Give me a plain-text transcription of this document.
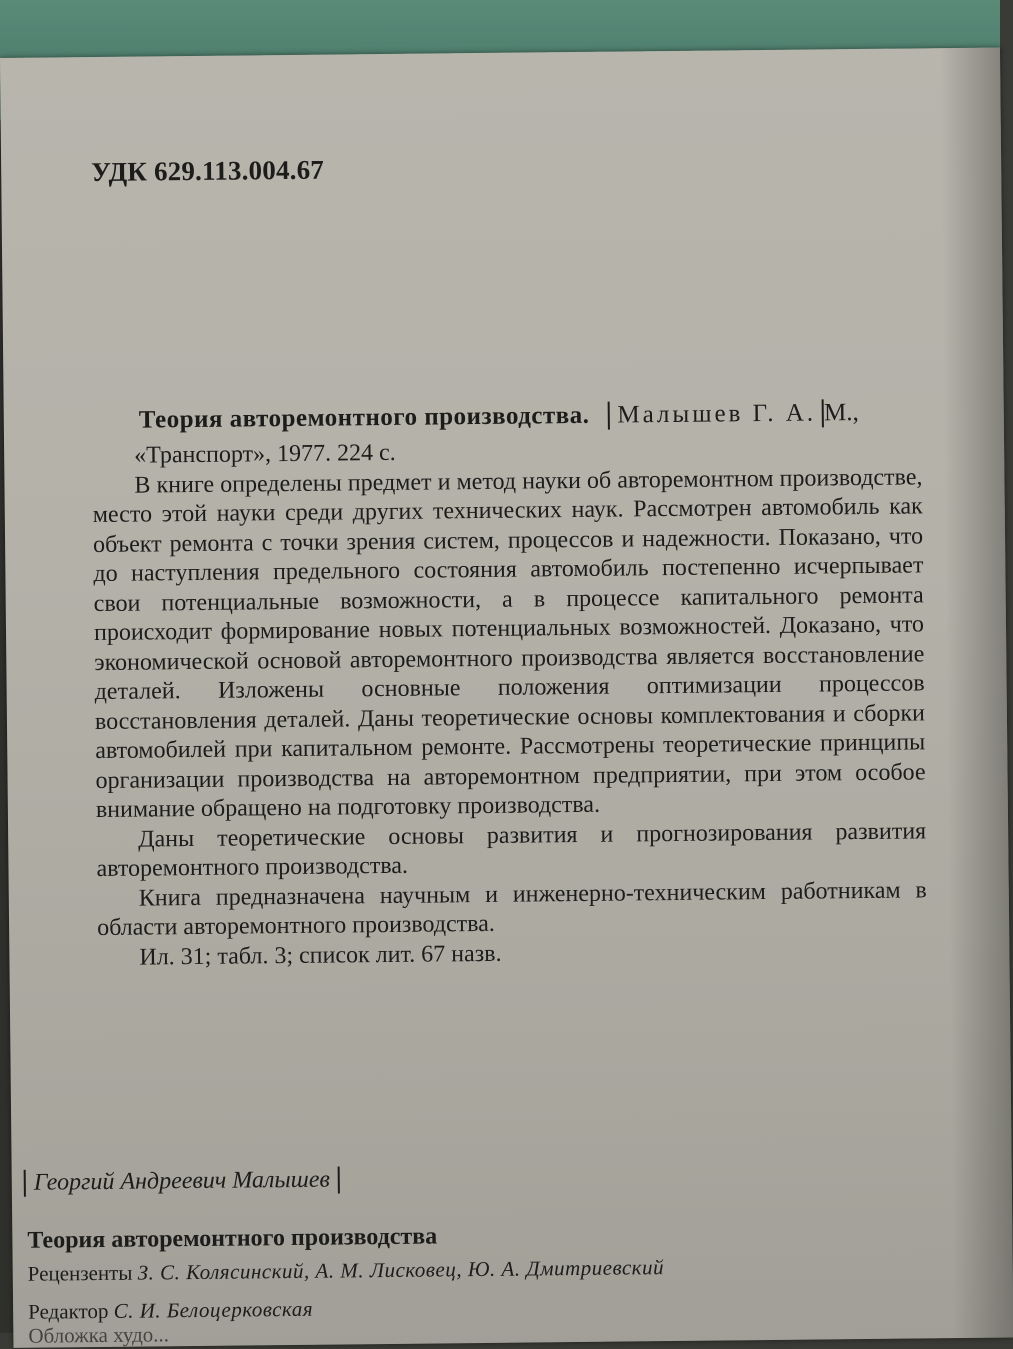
УДК 629.113.004.67
Теория авторемонтного производства. Малышев Г. А. М.,

«Транспорт», 1977. 224 с.

В книге определены предмет и метод науки об авторемонтном производстве, место этой науки среди других технических наук. Рассмотрен автомобиль как объект ремонта с точки зрения систем, процессов и надежности. Показано, что до наступления предельного состояния автомобиль постепенно исчерпывает свои потенциальные возможности, а в процессе капитального ремонта происходит формирование новых потенциальных возможностей. Доказано, что экономической основой авторемонтного производства является восстановление деталей. Изложены основные положения оптимизации процессов восстановления деталей. Даны теоретические основы комплектования и сборки автомобилей при капитальном ремонте. Рассмотрены теоретические принципы организации производства на авторемонтном предприятии, при этом особое внимание обращено на подготовку производства.

Даны теоретические основы развития и прогнозирования развития авторемонтного производства.

Книга предназначена научным и инженерно-техническим работникам в области авторемонтного производства.

Ил. 31; табл. 3; список лит. 67 назв.

Георгий Андреевич Малышев
Теория авторемонтного производства
Рецензенты З. С. Колясинский, А. М. Лисковец, Ю. А. Дмитриевский
Редактор С. И. Белоцерковская
Обложка худо...
